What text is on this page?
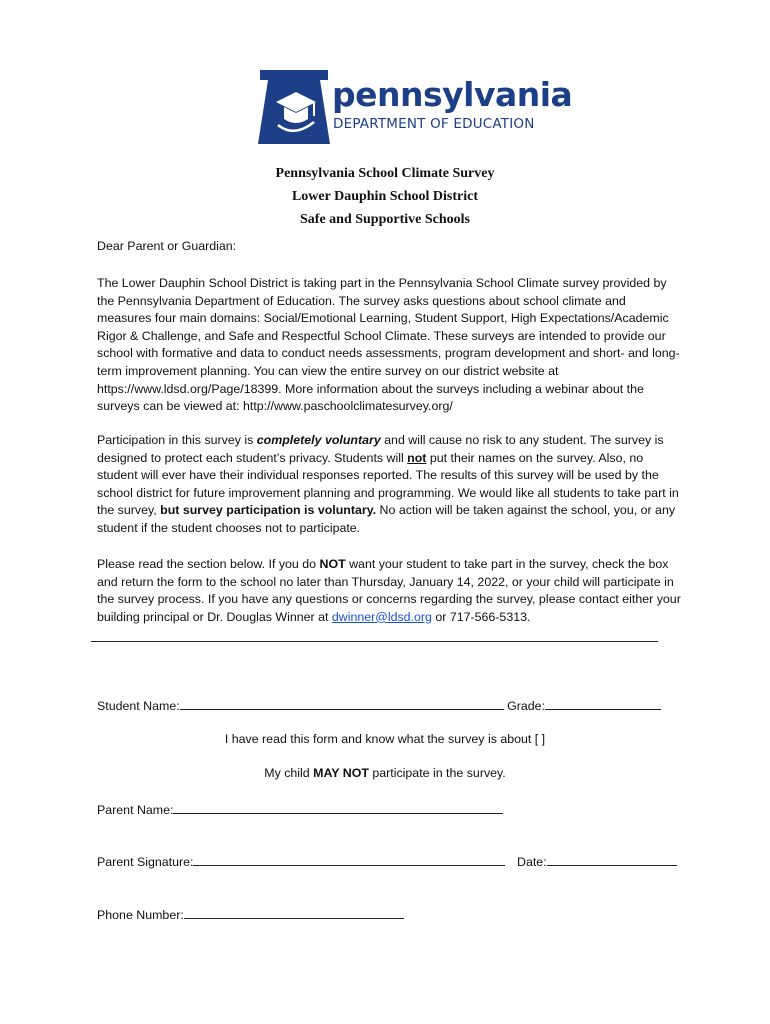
pennsylvania
DEPARTMENT OF EDUCATION
Pennsylvania School Climate Survey
Lower Dauphin School District
Safe and Supportive Schools
Dear Parent or Guardian:
The Lower Dauphin School District is taking part in the Pennsylvania School Climate survey provided by the Pennsylvania Department of Education. The survey asks questions about school climate and measures four main domains: Social/Emotional Learning, Student Support, High Expectations/Academic Rigor & Challenge, and Safe and Respectful School Climate. These surveys are intended to provide our school with formative and data to conduct needs assessments, program development and short- and long-term improvement planning. You can view the entire survey on our district website at https://www.ldsd.org/Page/18399. More information about the surveys including a webinar about the surveys can be viewed at: http://www.paschoolclimatesurvey.org/
Participation in this survey is completely voluntary and will cause no risk to any student. The survey is designed to protect each student’s privacy. Students will not put their names on the survey. Also, no student will ever have their individual responses reported. The results of this survey will be used by the school district for future improvement planning and programming. We would like all students to take part in the survey, but survey participation is voluntary. No action will be taken against the school, you, or any student if the student chooses not to participate.
Please read the section below. If you do NOT want your student to take part in the survey, check the box and return the form to the school no later than Thursday, January 14, 2022, or your child will participate in the survey process. If you have any questions or concerns regarding the survey, please contact either your building principal or Dr. Douglas Winner at dwinner@ldsd.org or 717-566-5313.
Student Name:	Grade:
I have read this form and know what the survey is about [ ]
My child MAY NOT participate in the survey.
Parent Name:
Parent Signature:	Date:
Phone Number:
